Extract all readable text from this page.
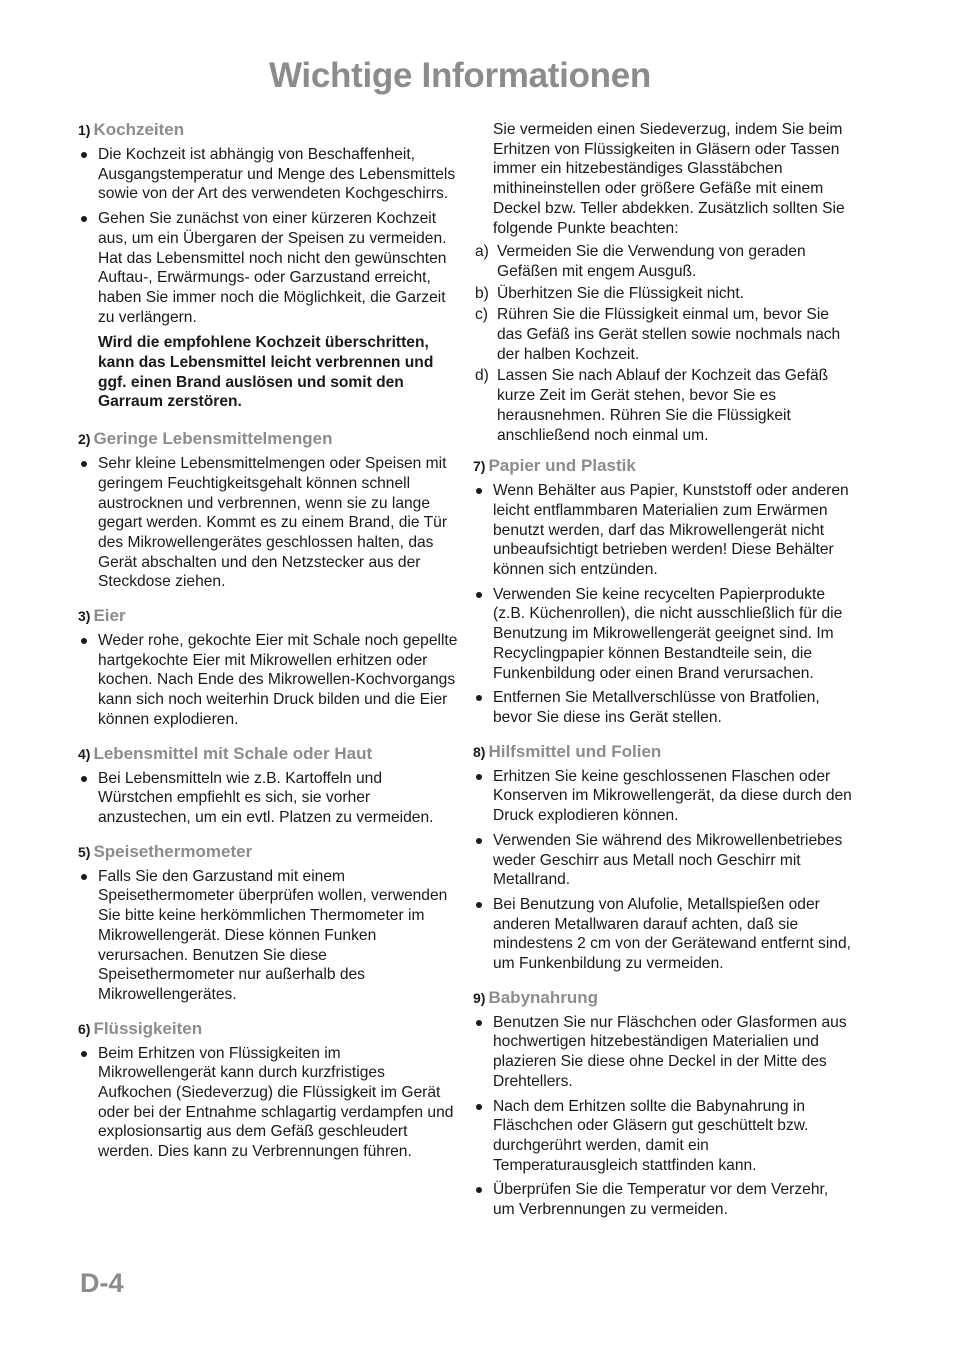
Wichtige Informationen
1) Kochzeiten
Die Kochzeit ist abhängig von Beschaffenheit, Ausgangstemperatur und Menge des Lebensmittels sowie von der Art des verwendeten Kochgeschirrs.
Gehen Sie zunächst von einer kürzeren Kochzeit aus, um ein Übergaren der Speisen zu vermeiden. Hat das Lebensmittel noch nicht den gewünschten Auftau-, Erwärmungs- oder Garzustand erreicht, haben Sie immer noch die Möglichkeit, die Garzeit zu verlängern.
Wird die empfohlene Kochzeit überschritten, kann das Lebensmittel leicht verbrennen und ggf. einen Brand auslösen und somit den Garraum zerstören.
2) Geringe Lebensmittelmengen
Sehr kleine Lebensmittelmengen oder Speisen mit geringem Feuchtigkeitsgehalt können schnell austrocknen und verbrennen, wenn sie zu lange gegart werden. Kommt es zu einem Brand, die Tür des Mikrowellengerätes geschlossen halten, das Gerät abschalten und den Netzstecker aus der Steckdose ziehen.
3) Eier
Weder rohe, gekochte Eier mit Schale noch gepellte hartgekochte Eier mit Mikrowellen erhitzen oder kochen. Nach Ende des Mikrowellen-Kochvorgangs kann sich noch weiterhin Druck bilden und die Eier können explodieren.
4) Lebensmittel mit Schale oder Haut
Bei Lebensmitteln wie z.B. Kartoffeln und Würstchen empfiehlt es sich, sie vorher anzustechen, um ein evtl. Platzen zu vermeiden.
5) Speisethermometer
Falls Sie den Garzustand mit einem Speisethermometer überprüfen wollen, verwenden Sie bitte keine herkömmlichen Thermometer im Mikrowellengerät. Diese können Funken verursachen. Benutzen Sie diese Speisethermometer nur außerhalb des Mikrowellengerätes.
6) Flüssigkeiten
Beim Erhitzen von Flüssigkeiten im Mikrowellengerät kann durch kurzfristiges Aufkochen (Siedeverzug) die Flüssigkeit im Gerät oder bei der Entnahme schlagartig verdampfen und explosionsartig aus dem Gefäß geschleudert werden. Dies kann zu Verbrennungen führen.
Sie vermeiden einen Siedeverzug, indem Sie beim Erhitzen von Flüssigkeiten in Gläsern oder Tassen immer ein hitzebeständiges Glasstäbchen mithineinstellen oder größere Gefäße mit einem Deckel bzw. Teller abdekken. Zusätzlich sollten Sie folgende Punkte beachten:
a) Vermeiden Sie die Verwendung von geraden Gefäßen mit engem Ausguß.
b) Überhitzen Sie die Flüssigkeit nicht.
c) Rühren Sie die Flüssigkeit einmal um, bevor Sie das Gefäß ins Gerät stellen sowie nochmals nach der halben Kochzeit.
d) Lassen Sie nach Ablauf der Kochzeit das Gefäß kurze Zeit im Gerät stehen, bevor Sie es herausnehmen. Rühren Sie die Flüssigkeit anschließend noch einmal um.
7) Papier und Plastik
Wenn Behälter aus Papier, Kunststoff oder anderen leicht entflammbaren Materialien zum Erwärmen benutzt werden, darf das Mikrowellengerät nicht unbeaufsichtigt betrieben werden! Diese Behälter können sich entzünden.
Verwenden Sie keine recycelten Papierprodukte (z.B. Küchenrollen), die nicht ausschließlich für die Benutzung im Mikrowellengerät geeignet sind. Im Recyclingpapier können Bestandteile sein, die Funkenbildung oder einen Brand verursachen.
Entfernen Sie Metallverschlüsse von Bratfolien, bevor Sie diese ins Gerät stellen.
8) Hilfsmittel und Folien
Erhitzen Sie keine geschlossenen Flaschen oder Konserven im Mikrowellengerät, da diese durch den Druck explodieren können.
Verwenden Sie während des Mikrowellenbetriebes weder Geschirr aus Metall noch Geschirr mit Metallrand.
Bei Benutzung von Alufolie, Metallspießen oder anderen Metallwaren darauf achten, daß sie mindestens 2 cm von der Gerätewand entfernt sind, um Funkenbildung zu vermeiden.
9) Babynahrung
Benutzen Sie nur Fläschchen oder Glasformen aus hochwertigen hitzebeständigen Materialien und plazieren Sie diese ohne Deckel in der Mitte des Drehtellers.
Nach dem Erhitzen sollte die Babynahrung in Fläschchen oder Gläsern gut geschüttelt bzw. durchgerührt werden, damit ein Temperaturausgleich stattfinden kann.
Überprüfen Sie die Temperatur vor dem Verzehr, um Verbrennungen zu vermeiden.
D-4
